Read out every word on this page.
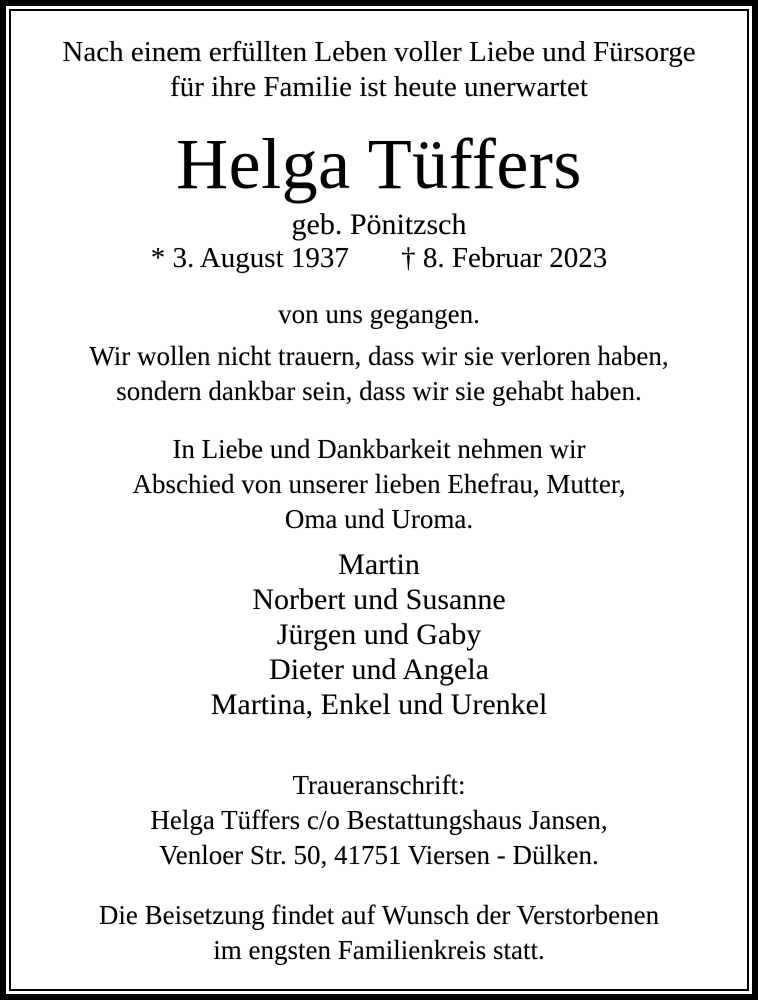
Nach einem erfüllten Leben voller Liebe und Fürsorge
für ihre Familie ist heute unerwartet

Helga Tüffers

geb. Pönitzsch

* 3. August 1937 † 8. Februar 2023

von uns gegangen.

Wir wollen nicht trauern, dass wir sie verloren haben,
sondern dankbar sein, dass wir sie gehabt haben.

In Liebe und Dankbarkeit nehmen wir
Abschied von unserer lieben Ehefrau, Mutter,
Oma und Uroma.

Martin
Norbert und Susanne
Jürgen und Gaby
Dieter und Angela
Martina, Enkel und Urenkel

Traueranschrift:
Helga Tüffers c/o Bestattungshaus Jansen,
Venloer Str. 50, 41751 Viersen - Dülken.

Die Beisetzung findet auf Wunsch der Verstorbenen
im engsten Familienkreis statt.
